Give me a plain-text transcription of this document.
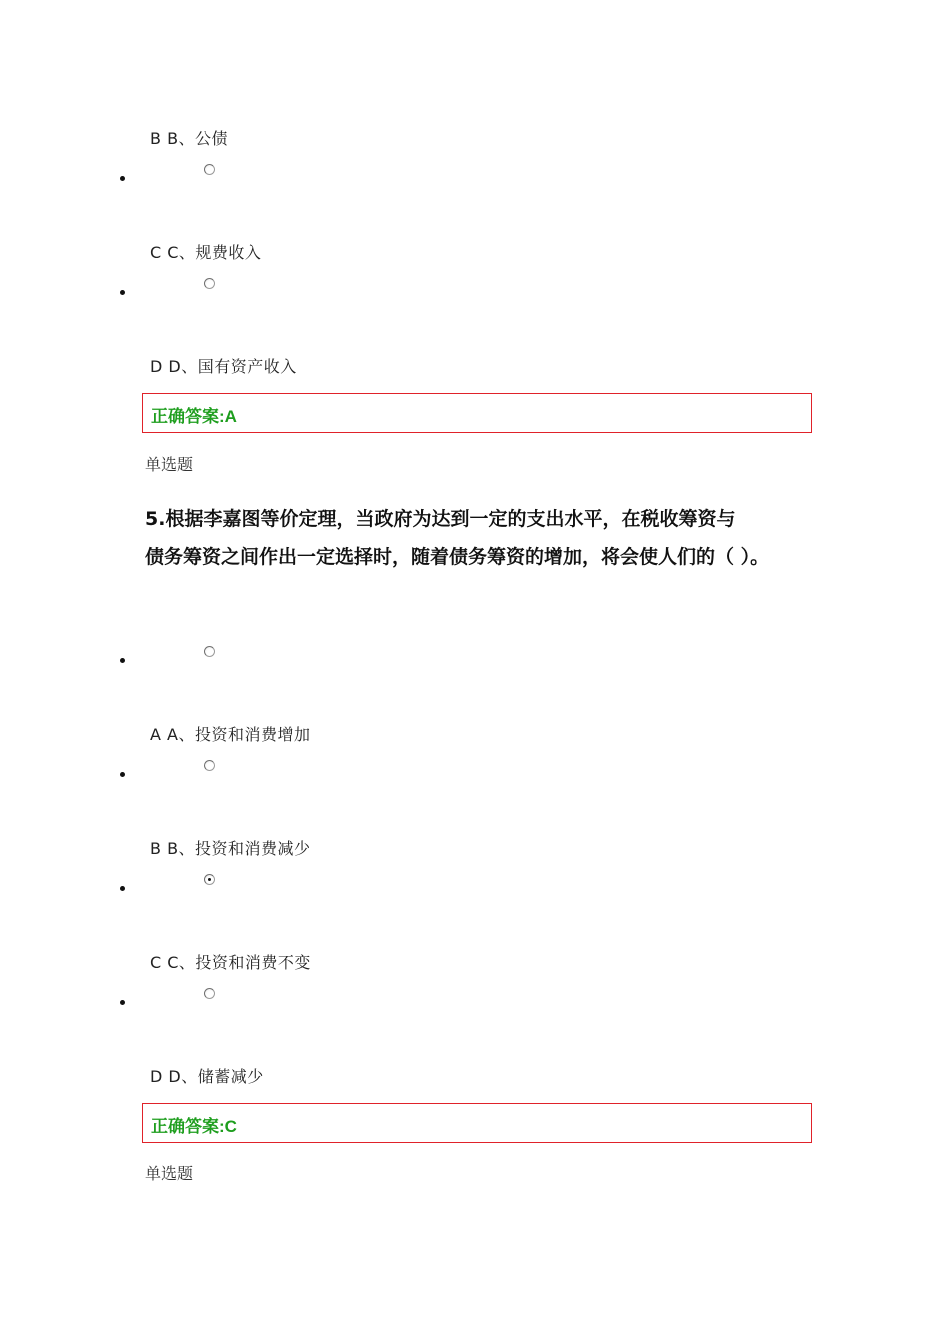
B B、公债
C C、规费收入
D D、国有资产收入
正确答案:A
单选题
5.根据李嘉图等价定理，当政府为达到一定的支出水平，在税收筹资与
债务筹资之间作出一定选择时，随着债务筹资的增加，将会使人们的（ ）。
A A、投资和消费增加
B B、投资和消费减少
C C、投资和消费不变
D D、储蓄减少
正确答案:C
单选题
